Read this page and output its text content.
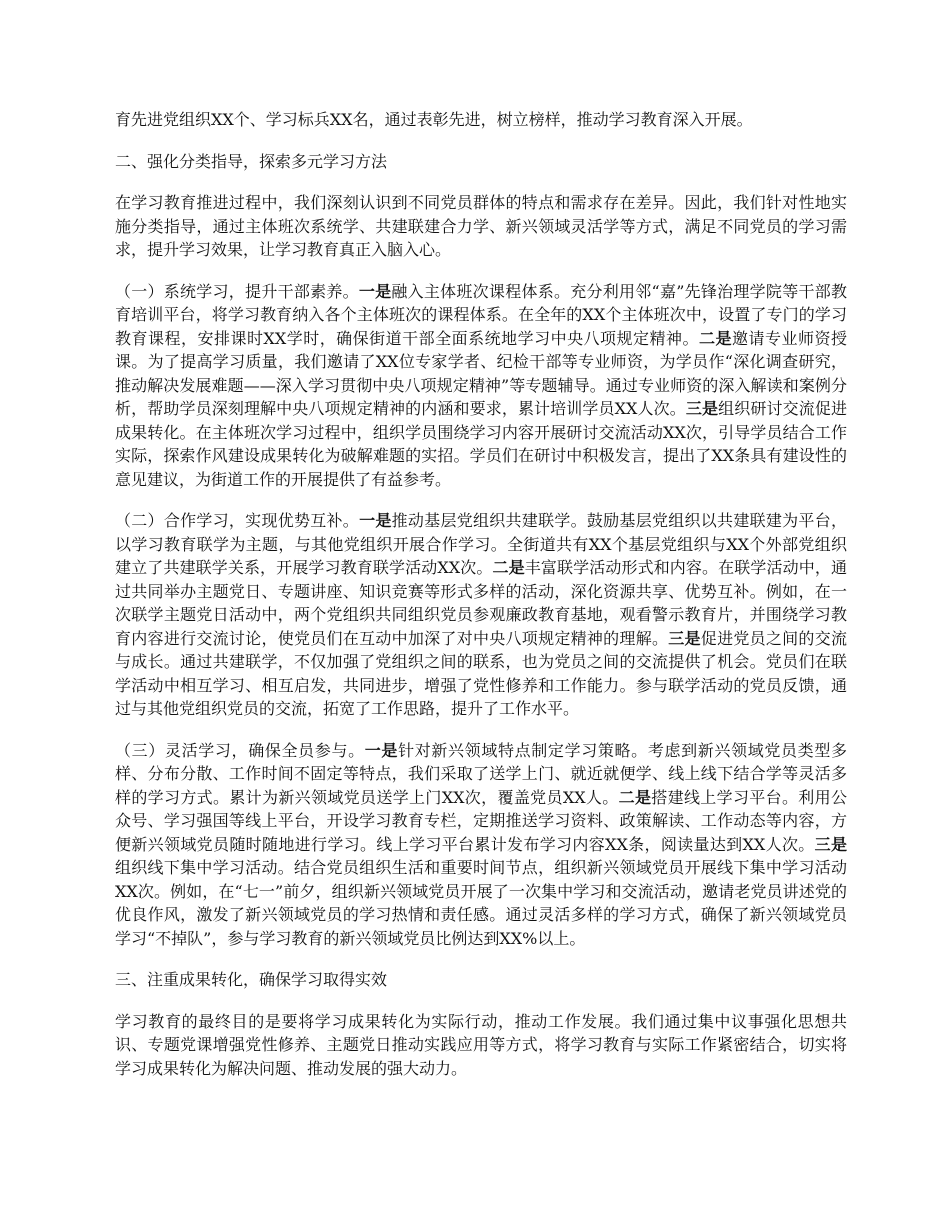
育先进党组织XX个、学习标兵XX名，通过表彰先进，树立榜样，推动学习教育深入开展。

二、强化分类指导，探索多元学习方法

在学习教育推进过程中，我们深刻认识到不同党员群体的特点和需求存在差异。因此，我们针对性地实施分类指导，通过主体班次系统学、共建联建合力学、新兴领域灵活学等方式，满足不同党员的学习需求，提升学习效果，让学习教育真正入脑入心。

（一）系统学习，提升干部素养。一是融入主体班次课程体系。充分利用邻“嘉”先锋治理学院等干部教育培训平台，将学习教育纳入各个主体班次的课程体系。在全年的XX个主体班次中，设置了专门的学习教育课程，安排课时XX学时，确保街道干部全面系统地学习中央八项规定精神。二是邀请专业师资授课。为了提高学习质量，我们邀请了XX位专家学者、纪检干部等专业师资，为学员作“深化调查研究，推动解决发展难题——深入学习贯彻中央八项规定精神”等专题辅导。通过专业师资的深入解读和案例分析，帮助学员深刻理解中央八项规定精神的内涵和要求，累计培训学员XX人次。三是组织研讨交流促进成果转化。在主体班次学习过程中，组织学员围绕学习内容开展研讨交流活动XX次，引导学员结合工作实际，探索作风建设成果转化为破解难题的实招。学员们在研讨中积极发言，提出了XX条具有建设性的意见建议，为街道工作的开展提供了有益参考。

（二）合作学习，实现优势互补。一是推动基层党组织共建联学。鼓励基层党组织以共建联建为平台，以学习教育联学为主题，与其他党组织开展合作学习。全街道共有XX个基层党组织与XX个外部党组织建立了共建联学关系，开展学习教育联学活动XX次。二是丰富联学活动形式和内容。在联学活动中，通过共同举办主题党日、专题讲座、知识竞赛等形式多样的活动，深化资源共享、优势互补。例如，在一次联学主题党日活动中，两个党组织共同组织党员参观廉政教育基地，观看警示教育片，并围绕学习教育内容进行交流讨论，使党员们在互动中加深了对中央八项规定精神的理解。三是促进党员之间的交流与成长。通过共建联学，不仅加强了党组织之间的联系，也为党员之间的交流提供了机会。党员们在联学活动中相互学习、相互启发，共同进步，增强了党性修养和工作能力。参与联学活动的党员反馈，通过与其他党组织党员的交流，拓宽了工作思路，提升了工作水平。

（三）灵活学习，确保全员参与。一是针对新兴领域特点制定学习策略。考虑到新兴领域党员类型多样、分布分散、工作时间不固定等特点，我们采取了送学上门、就近就便学、线上线下结合学等灵活多样的学习方式。累计为新兴领域党员送学上门XX次，覆盖党员XX人。二是搭建线上学习平台。利用公众号、学习强国等线上平台，开设学习教育专栏，定期推送学习资料、政策解读、工作动态等内容，方便新兴领域党员随时随地进行学习。线上学习平台累计发布学习内容XX条，阅读量达到XX人次。三是组织线下集中学习活动。结合党员组织生活和重要时间节点，组织新兴领域党员开展线下集中学习活动XX次。例如，在“七一”前夕，组织新兴领域党员开展了一次集中学习和交流活动，邀请老党员讲述党的优良作风，激发了新兴领域党员的学习热情和责任感。通过灵活多样的学习方式，确保了新兴领域党员学习“不掉队”，参与学习教育的新兴领域党员比例达到XX%以上。

三、注重成果转化，确保学习取得实效

学习教育的最终目的是要将学习成果转化为实际行动，推动工作发展。我们通过集中议事强化思想共识、专题党课增强党性修养、主题党日推动实践应用等方式，将学习教育与实际工作紧密结合，切实将学习成果转化为解决问题、推动发展的强大动力。
